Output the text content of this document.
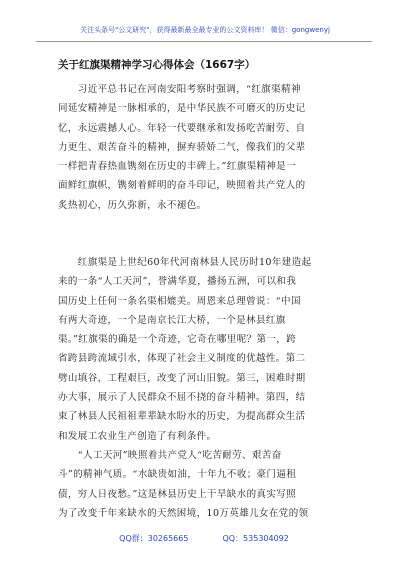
关注头条号"公文研究"，获得最新最全最专业的公文资料库！ 微信：gongwenyj
关于红旗渠精神学习心得体会（1667字）
　　习近平总书记在河南安阳考察时强调，“红旗渠精神
同延安精神是一脉相承的，是中华民族不可磨灭的历史记
忆，永远震撼人心。年轻一代要继承和发扬吃苦耐劳、自
力更生、艰苦奋斗的精神，摒弃骄娇二气，像我们的父辈
一样把青春热血镌刻在历史的丰碑上。”红旗渠精神是一
面鲜红旗帜，镌刻着鲜明的奋斗印记，映照着共产党人的
炙热初心，历久弥新，永不褪色。
　　红旗渠是上世纪60年代河南林县人民历时10年建造起
来的一条“人工天河”，誉满华夏，播扬五洲，可以和我
国历史上任何一条名渠相媲美。周恩来总理曾说：“中国
有两大奇迹，一个是南京长江大桥，一个是林县红旗
渠。”红旗渠的确是一个奇迹，它奇在哪里呢？第一，跨
省跨县跨流域引水，体现了社会主义制度的优越性。第二
劈山填谷，工程艰巨，改变了河山旧貌。第三，困难时期
办大事，展示了人民群众不屈不挠的奋斗精神。第四，结
束了林县人民祖祖辈辈缺水盼水的历史，为提高群众生活
和发展工农业生产创造了有利条件。
　　“人工天河”映照着共产党人“吃苦耐劳、艰苦奋
斗”的精神气质。“水缺贵如油，十年九不收；豪门逼租
债，穷人日夜愁。”这是林县历史上干旱缺水的真实写照
为了改变千年来缺水的天然困境，10万英雄儿女在党的领
QQ群：30265665	QQ：535304092
